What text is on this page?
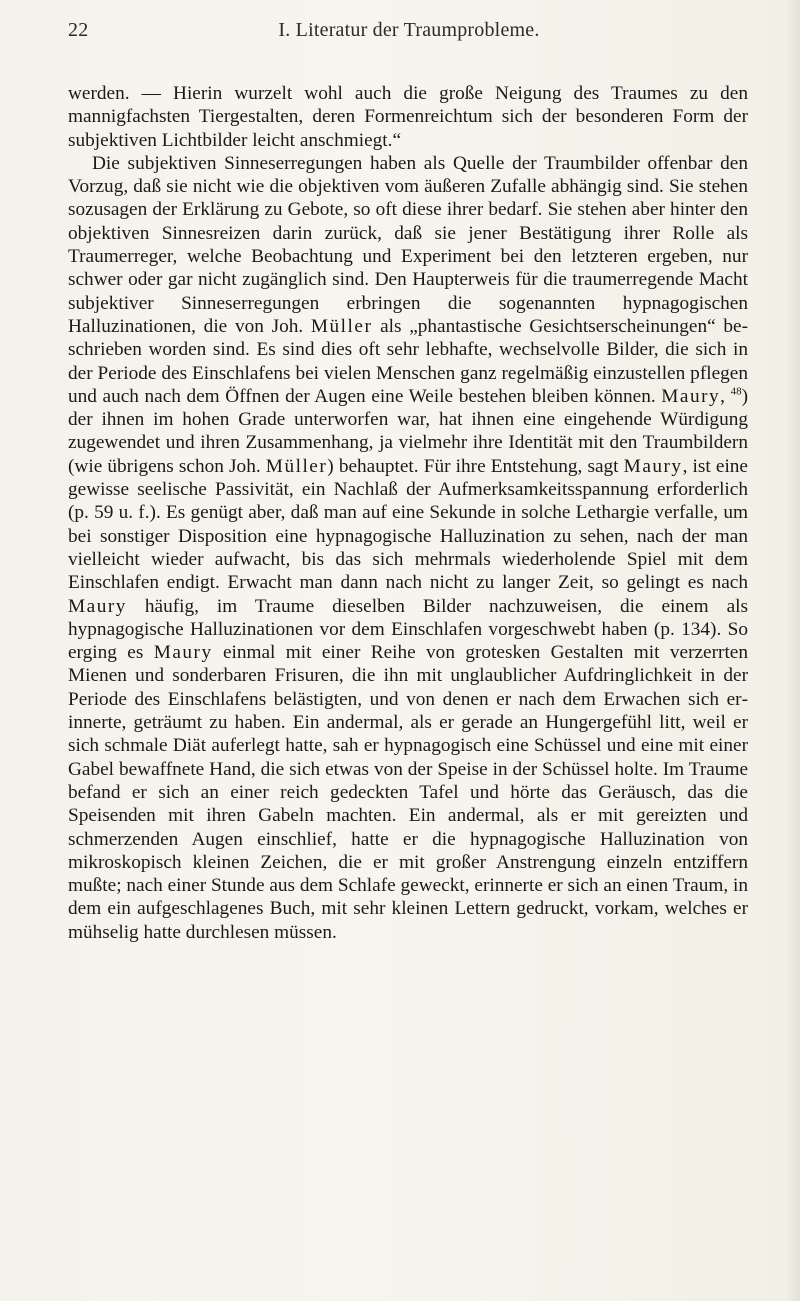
22	I. Literatur der Traumprobleme.

werden. — Hierin wurzelt wohl auch die große Neigung des Traumes zu den mannigfachsten Tiergestalten, deren Formenreichtum sich der besonderen Form der subjektiven Lichtbilder leicht anschmiegt.“

Die subjektiven Sinneserregungen haben als Quelle der Traumbilder offenbar den Vorzug, daß sie nicht wie die objektiven vom äußeren Zufalle abhängig sind. Sie stehen sozusagen der Erklärung zu Gebote, so oft diese ihrer bedarf. Sie stehen aber hinter den objektiven Sinnesreizen darin zurück, daß sie jener Bestätigung ihrer Rolle als Traumerreger, welche Beobachtung und Experiment bei den letzteren ergeben, nur schwer oder gar nicht zugänglich sind. Den Haupterweis für die traumerregende Macht subjektiver Sinneserregungen erbringen die sogenannten hypnagogischen Halluzinationen, die von Joh. Müller als „phantastische Gesichtserscheinungen“ beschrieben worden sind. Es sind dies oft sehr lebhafte, wechselvolle Bilder, die sich in der Periode des Einschlafens bei vielen Menschen ganz regelmäßig einzustellen pflegen und auch nach dem Öffnen der Augen eine Weile bestehen bleiben können. Maury, $^{48}$) der ihnen im hohen Grade unterworfen war, hat ihnen eine eingehende Würdigung zugewendet und ihren Zusammenhang, ja vielmehr ihre Identität mit den Traumbildern (wie übrigens schon Joh. Müller) behauptet. Für ihre Entstehung, sagt Maury, ist eine gewisse seelische Passivität, ein Nachlaß der Aufmerksamkeitsspannung erforderlich (p. 59 u. f.). Es genügt aber, daß man auf eine Sekunde in solche Lethargie verfalle, um bei sonstiger Disposition eine hypnagogische Halluzination zu sehen, nach der man vielleicht wieder aufwacht, bis das sich mehrmals wiederholende Spiel mit dem Einschlafen endigt. Erwacht man dann nach nicht zu langer Zeit, so gelingt es nach Maury häufig, im Traume dieselben Bilder nachzuweisen, die einem als hypnagogische Halluzinationen vor dem Einschlafen vorgeschwebt haben (p. 134). So erging es Maury einmal mit einer Reihe von grotesken Gestalten mit verzerrten Mienen und sonderbaren Frisuren, die ihn mit unglaublicher Aufdringlichkeit in der Periode des Einschlafens belästigten, und von denen er nach dem Erwachen sich erinnerte, geträumt zu haben. Ein andermal, als er gerade an Hungergefühl litt, weil er sich schmale Diät auferlegt hatte, sah er hypnagogisch eine Schüssel und eine mit einer Gabel bewaffnete Hand, die sich etwas von der Speise in der Schüssel holte. Im Traume befand er sich an einer reich gedeckten Tafel und hörte das Geräusch, das die Speisenden mit ihren Gabeln machten. Ein andermal, als er mit gereizten und schmerzenden Augen einschlief, hatte er die hypnagogische Halluzination von mikroskopisch kleinen Zeichen, die er mit großer Anstrengung einzeln entziffern mußte; nach einer Stunde aus dem Schlafe geweckt, erinnerte er sich an einen Traum, in dem ein aufgeschlagenes Buch, mit sehr kleinen Lettern gedruckt, vorkam, welches er mühselig hatte durchlesen müssen.
